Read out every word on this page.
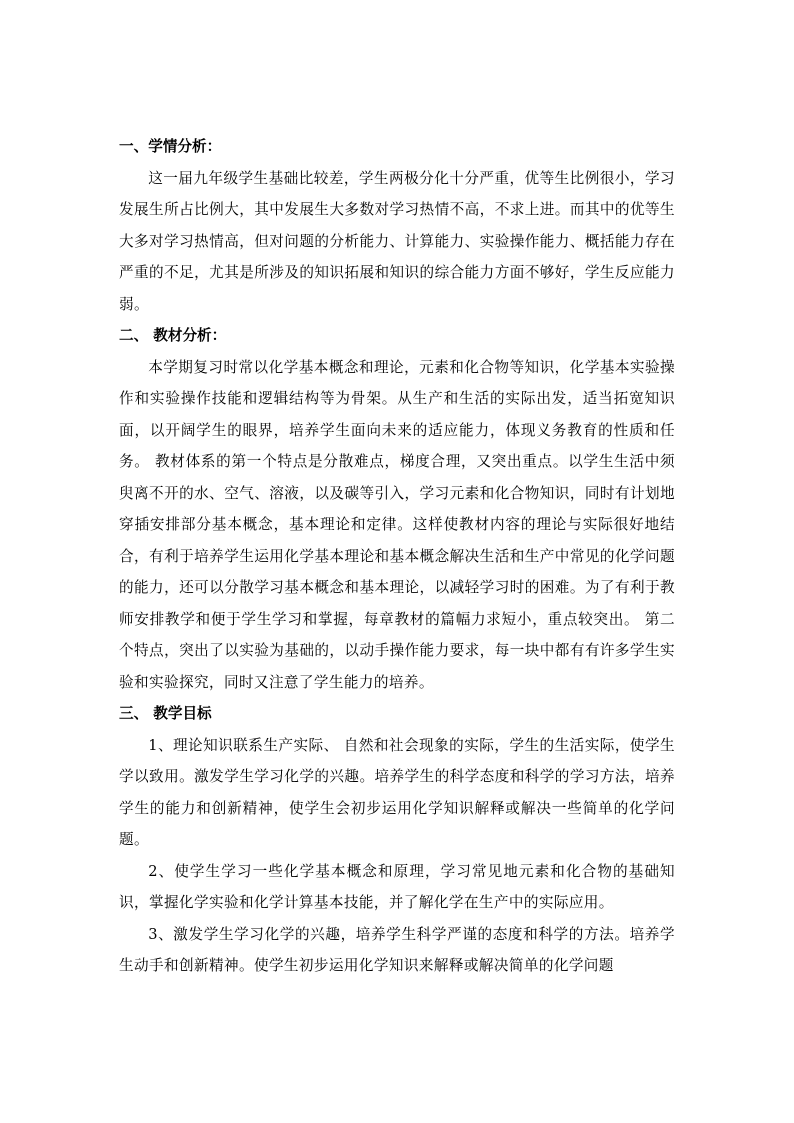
一、学情分析：

这一届九年级学生基础比较差，学生两极分化十分严重，优等生比例很小，学习发展生所占比例大，其中发展生大多数对学习热情不高，不求上进。而其中的优等生大多对学习热情高，但对问题的分析能力、计算能力、实验操作能力、概括能力存在严重的不足，尤其是所涉及的知识拓展和知识的综合能力方面不够好，学生反应能力弱。

二、 教材分析：

本学期复习时常以化学基本概念和理论，元素和化合物等知识，化学基本实验操作和实验操作技能和逻辑结构等为骨架。从生产和生活的实际出发，适当拓宽知识面，以开阔学生的眼界，培养学生面向未来的适应能力，体现义务教育的性质和任务。 教材体系的第一个特点是分散难点，梯度合理，又突出重点。以学生生活中须臾离不开的水、空气、溶液，以及碳等引入，学习元素和化合物知识，同时有计划地穿插安排部分基本概念，基本理论和定律。这样使教材内容的理论与实际很好地结合，有利于培养学生运用化学基本理论和基本概念解决生活和生产中常见的化学问题的能力，还可以分散学习基本概念和基本理论，以减轻学习时的困难。为了有利于教师安排教学和便于学生学习和掌握，每章教材的篇幅力求短小，重点较突出。 第二个特点，突出了以实验为基础的，以动手操作能力要求，每一块中都有有许多学生实验和实验探究，同时又注意了学生能力的培养。

三、 教学目标

1、理论知识联系生产实际、 自然和社会现象的实际，学生的生活实际，使学生学以致用。激发学生学习化学的兴趣。培养学生的科学态度和科学的学习方法，培养学生的能力和创新精神，使学生会初步运用化学知识解释或解决一些简单的化学问题。

2、使学生学习一些化学基本概念和原理，学习常见地元素和化合物的基础知识，掌握化学实验和化学计算基本技能，并了解化学在生产中的实际应用。

3、激发学生学习化学的兴趣，培养学生科学严谨的态度和科学的方法。培养学生动手和创新精神。使学生初步运用化学知识来解释或解决简单的化学问题
